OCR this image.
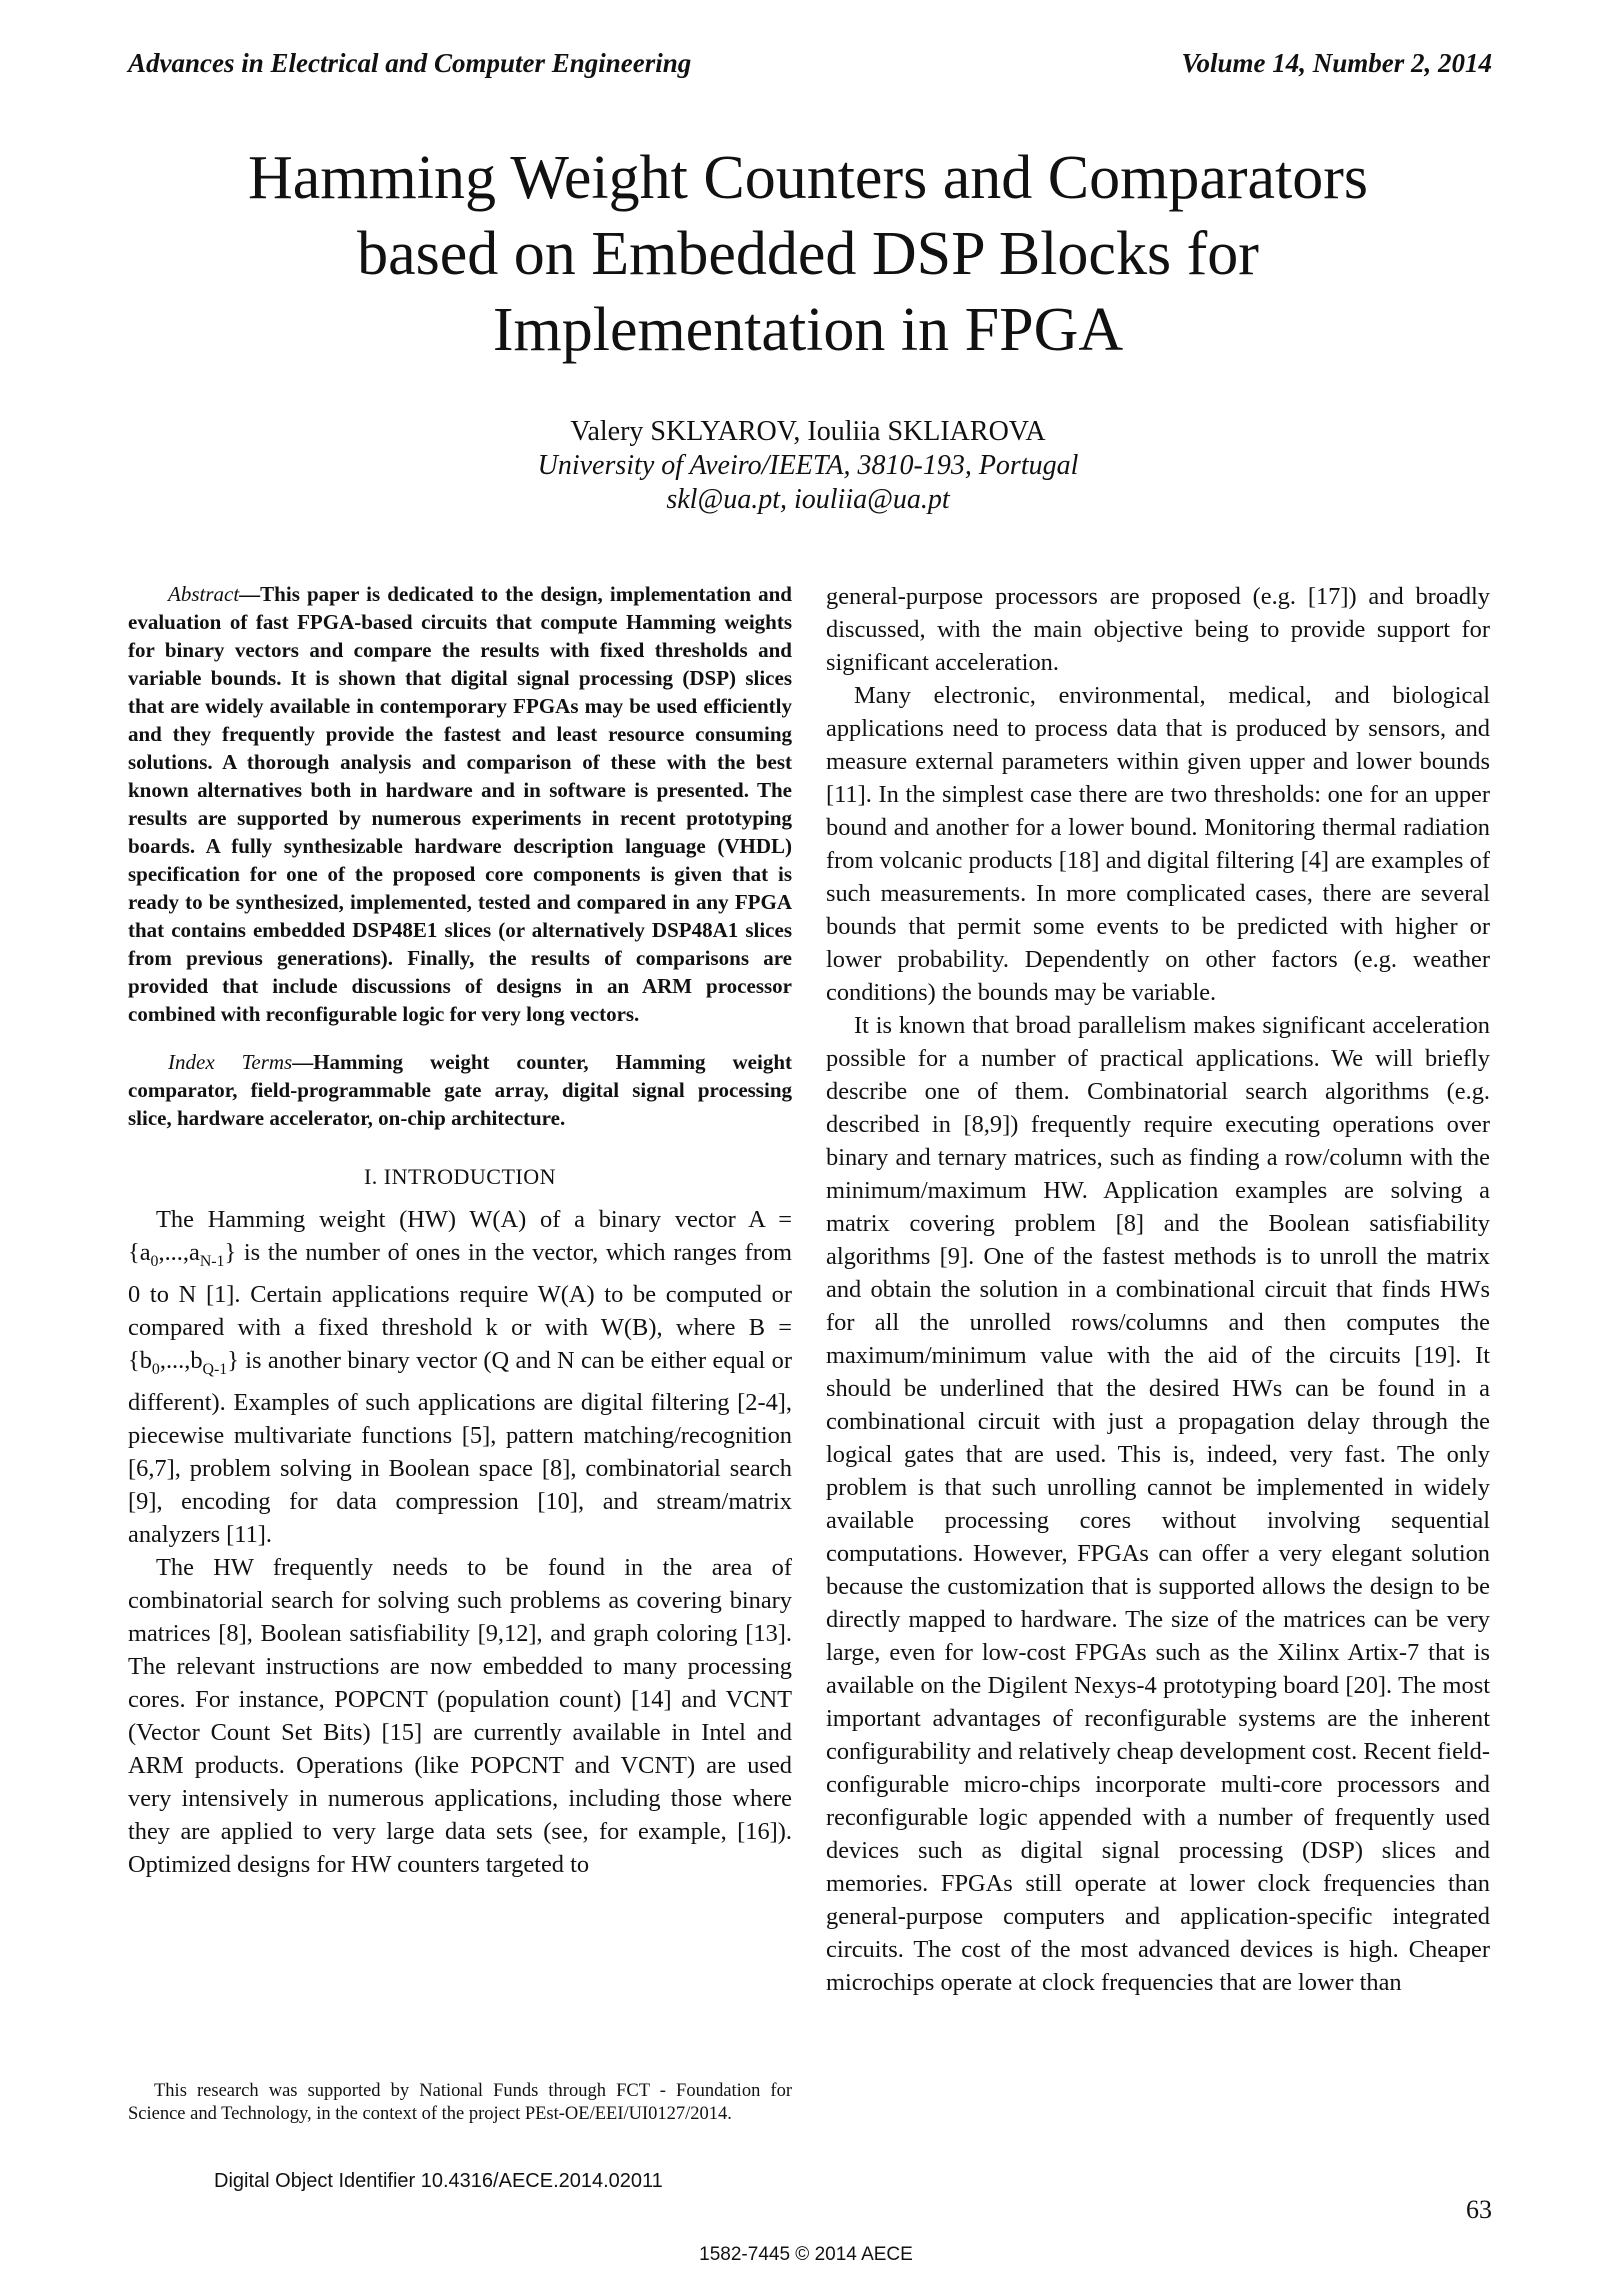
Advances in Electrical and Computer Engineering	Volume 14, Number 2, 2014
Hamming Weight Counters and Comparators
based on Embedded DSP Blocks for
Implementation in FPGA
Valery SKLYAROV, Iouliia SKLIAROVA
University of Aveiro/IEETA, 3810-193, Portugal
skl@ua.pt, iouliia@ua.pt

Abstract—This paper is dedicated to the design, implementation and evaluation of fast FPGA-based circuits that compute Hamming weights for binary vectors and compare the results with fixed thresholds and variable bounds. It is shown that digital signal processing (DSP) slices that are widely available in contemporary FPGAs may be used efficiently and they frequently provide the fastest and least resource consuming solutions. A thorough analysis and comparison of these with the best known alternatives both in hardware and in software is presented. The results are supported by numerous experiments in recent prototyping boards. A fully synthesizable hardware description language (VHDL) specification for one of the proposed core components is given that is ready to be synthesized, implemented, tested and compared in any FPGA that contains embedded DSP48E1 slices (or alternatively DSP48A1 slices from previous generations). Finally, the results of comparisons are provided that include discussions of designs in an ARM processor combined with reconfigurable logic for very long vectors.

Index Terms—Hamming weight counter, Hamming weight comparator, field-programmable gate array, digital signal processing slice, hardware accelerator, on-chip architecture.

I. INTRODUCTION

The Hamming weight (HW) W(A) of a binary vector $A = \{a_0,...,a_{N-1}\}$ is the number of ones in the vector, which ranges from 0 to N [1]. Certain applications require W(A) to be computed or compared with a fixed threshold k or with W(B), where $B = \{b_0,...,b_{Q-1}\}$ is another binary vector (Q and N can be either equal or different). Examples of such applications are digital filtering [2-4], piecewise multivariate functions [5], pattern matching/recognition [6,7], problem solving in Boolean space [8], combinatorial search [9], encoding for data compression [10], and stream/matrix analyzers [11].

The HW frequently needs to be found in the area of combinatorial search for solving such problems as covering binary matrices [8], Boolean satisfiability [9,12], and graph coloring [13]. The relevant instructions are now embedded to many processing cores. For instance, POPCNT (population count) [14] and VCNT (Vector Count Set Bits) [15] are currently available in Intel and ARM products. Operations (like POPCNT and VCNT) are used very intensively in numerous applications, including those where they are applied to very large data sets (see, for example, [16]). Optimized designs for HW counters targeted to

general-purpose processors are proposed (e.g. [17]) and broadly discussed, with the main objective being to provide support for significant acceleration.

Many electronic, environmental, medical, and biological applications need to process data that is produced by sensors, and measure external parameters within given upper and lower bounds [11]. In the simplest case there are two thresholds: one for an upper bound and another for a lower bound. Monitoring thermal radiation from volcanic products [18] and digital filtering [4] are examples of such measurements. In more complicated cases, there are several bounds that permit some events to be predicted with higher or lower probability. Dependently on other factors (e.g. weather conditions) the bounds may be variable.

It is known that broad parallelism makes significant acceleration possible for a number of practical applications. We will briefly describe one of them. Combinatorial search algorithms (e.g. described in [8,9]) frequently require executing operations over binary and ternary matrices, such as finding a row/column with the minimum/maximum HW. Application examples are solving a matrix covering problem [8] and the Boolean satisfiability algorithms [9]. One of the fastest methods is to unroll the matrix and obtain the solution in a combinational circuit that finds HWs for all the unrolled rows/columns and then computes the maximum/minimum value with the aid of the circuits [19]. It should be underlined that the desired HWs can be found in a combinational circuit with just a propagation delay through the logical gates that are used. This is, indeed, very fast. The only problem is that such unrolling cannot be implemented in widely available processing cores without involving sequential computations. However, FPGAs can offer a very elegant solution because the customization that is supported allows the design to be directly mapped to hardware. The size of the matrices can be very large, even for low-cost FPGAs such as the Xilinx Artix-7 that is available on the Digilent Nexys-4 prototyping board [20]. The most important advantages of reconfigurable systems are the inherent configurability and relatively cheap development cost. Recent field-configurable micro-chips incorporate multi-core processors and reconfigurable logic appended with a number of frequently used devices such as digital signal processing (DSP) slices and memories. FPGAs still operate at lower clock frequencies than general-purpose computers and application-specific integrated circuits. The cost of the most advanced devices is high. Cheaper microchips operate at clock frequencies that are lower than

This research was supported by National Funds through FCT - Foundation for Science and Technology, in the context of the project PEst-OE/EEI/UI0127/2014.
Digital Object Identifier 10.4316/AECE.2014.02011
63
1582-7445 © 2014 AECE
